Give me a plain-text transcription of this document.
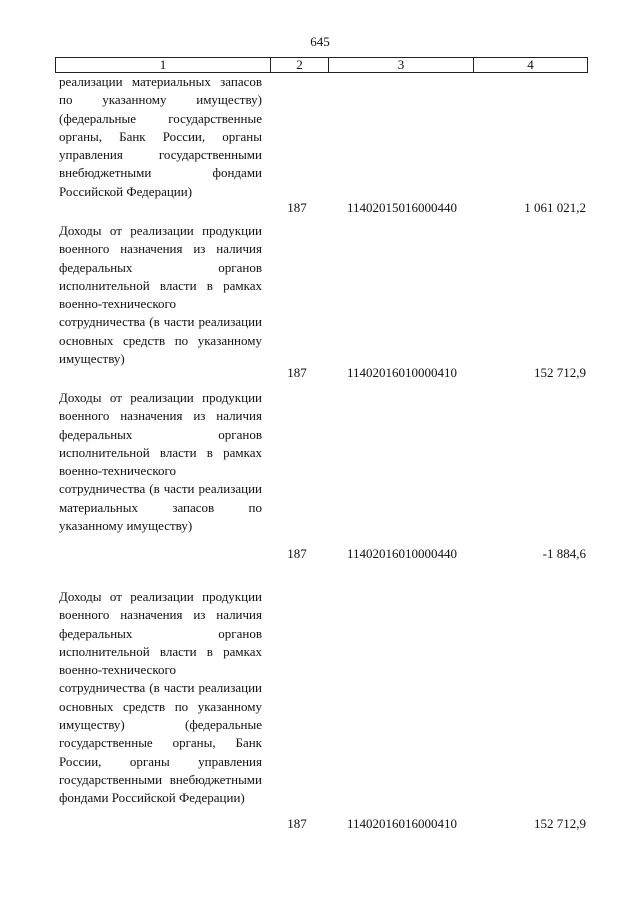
645
1	2	3	4
реализации материальных запасов по указанному имуществу) (федеральные государственные органы, Банк России, органы управления государственными внебюджетными фондами Российской Федерации)
187	11402015016000440	1 061 021,2
Доходы от реализации продукции военного назначения из наличия федеральных органов исполнительной власти в рамках военно-технического сотрудничества (в части реализации основных средств по указанному имуществу)
187	11402016010000410	152 712,9
Доходы от реализации продукции военного назначения из наличия федеральных органов исполнительной власти в рамках военно-технического сотрудничества (в части реализации материальных запасов по указанному имуществу)
187	11402016010000440	-1 884,6
Доходы от реализации продукции военного назначения из наличия федеральных органов исполнительной власти в рамках военно-технического сотрудничества (в части реализации основных средств по указанному имуществу) (федеральные государственные органы, Банк России, органы управления государственными внебюджетными фондами Российской Федерации)
187	11402016016000410	152 712,9
